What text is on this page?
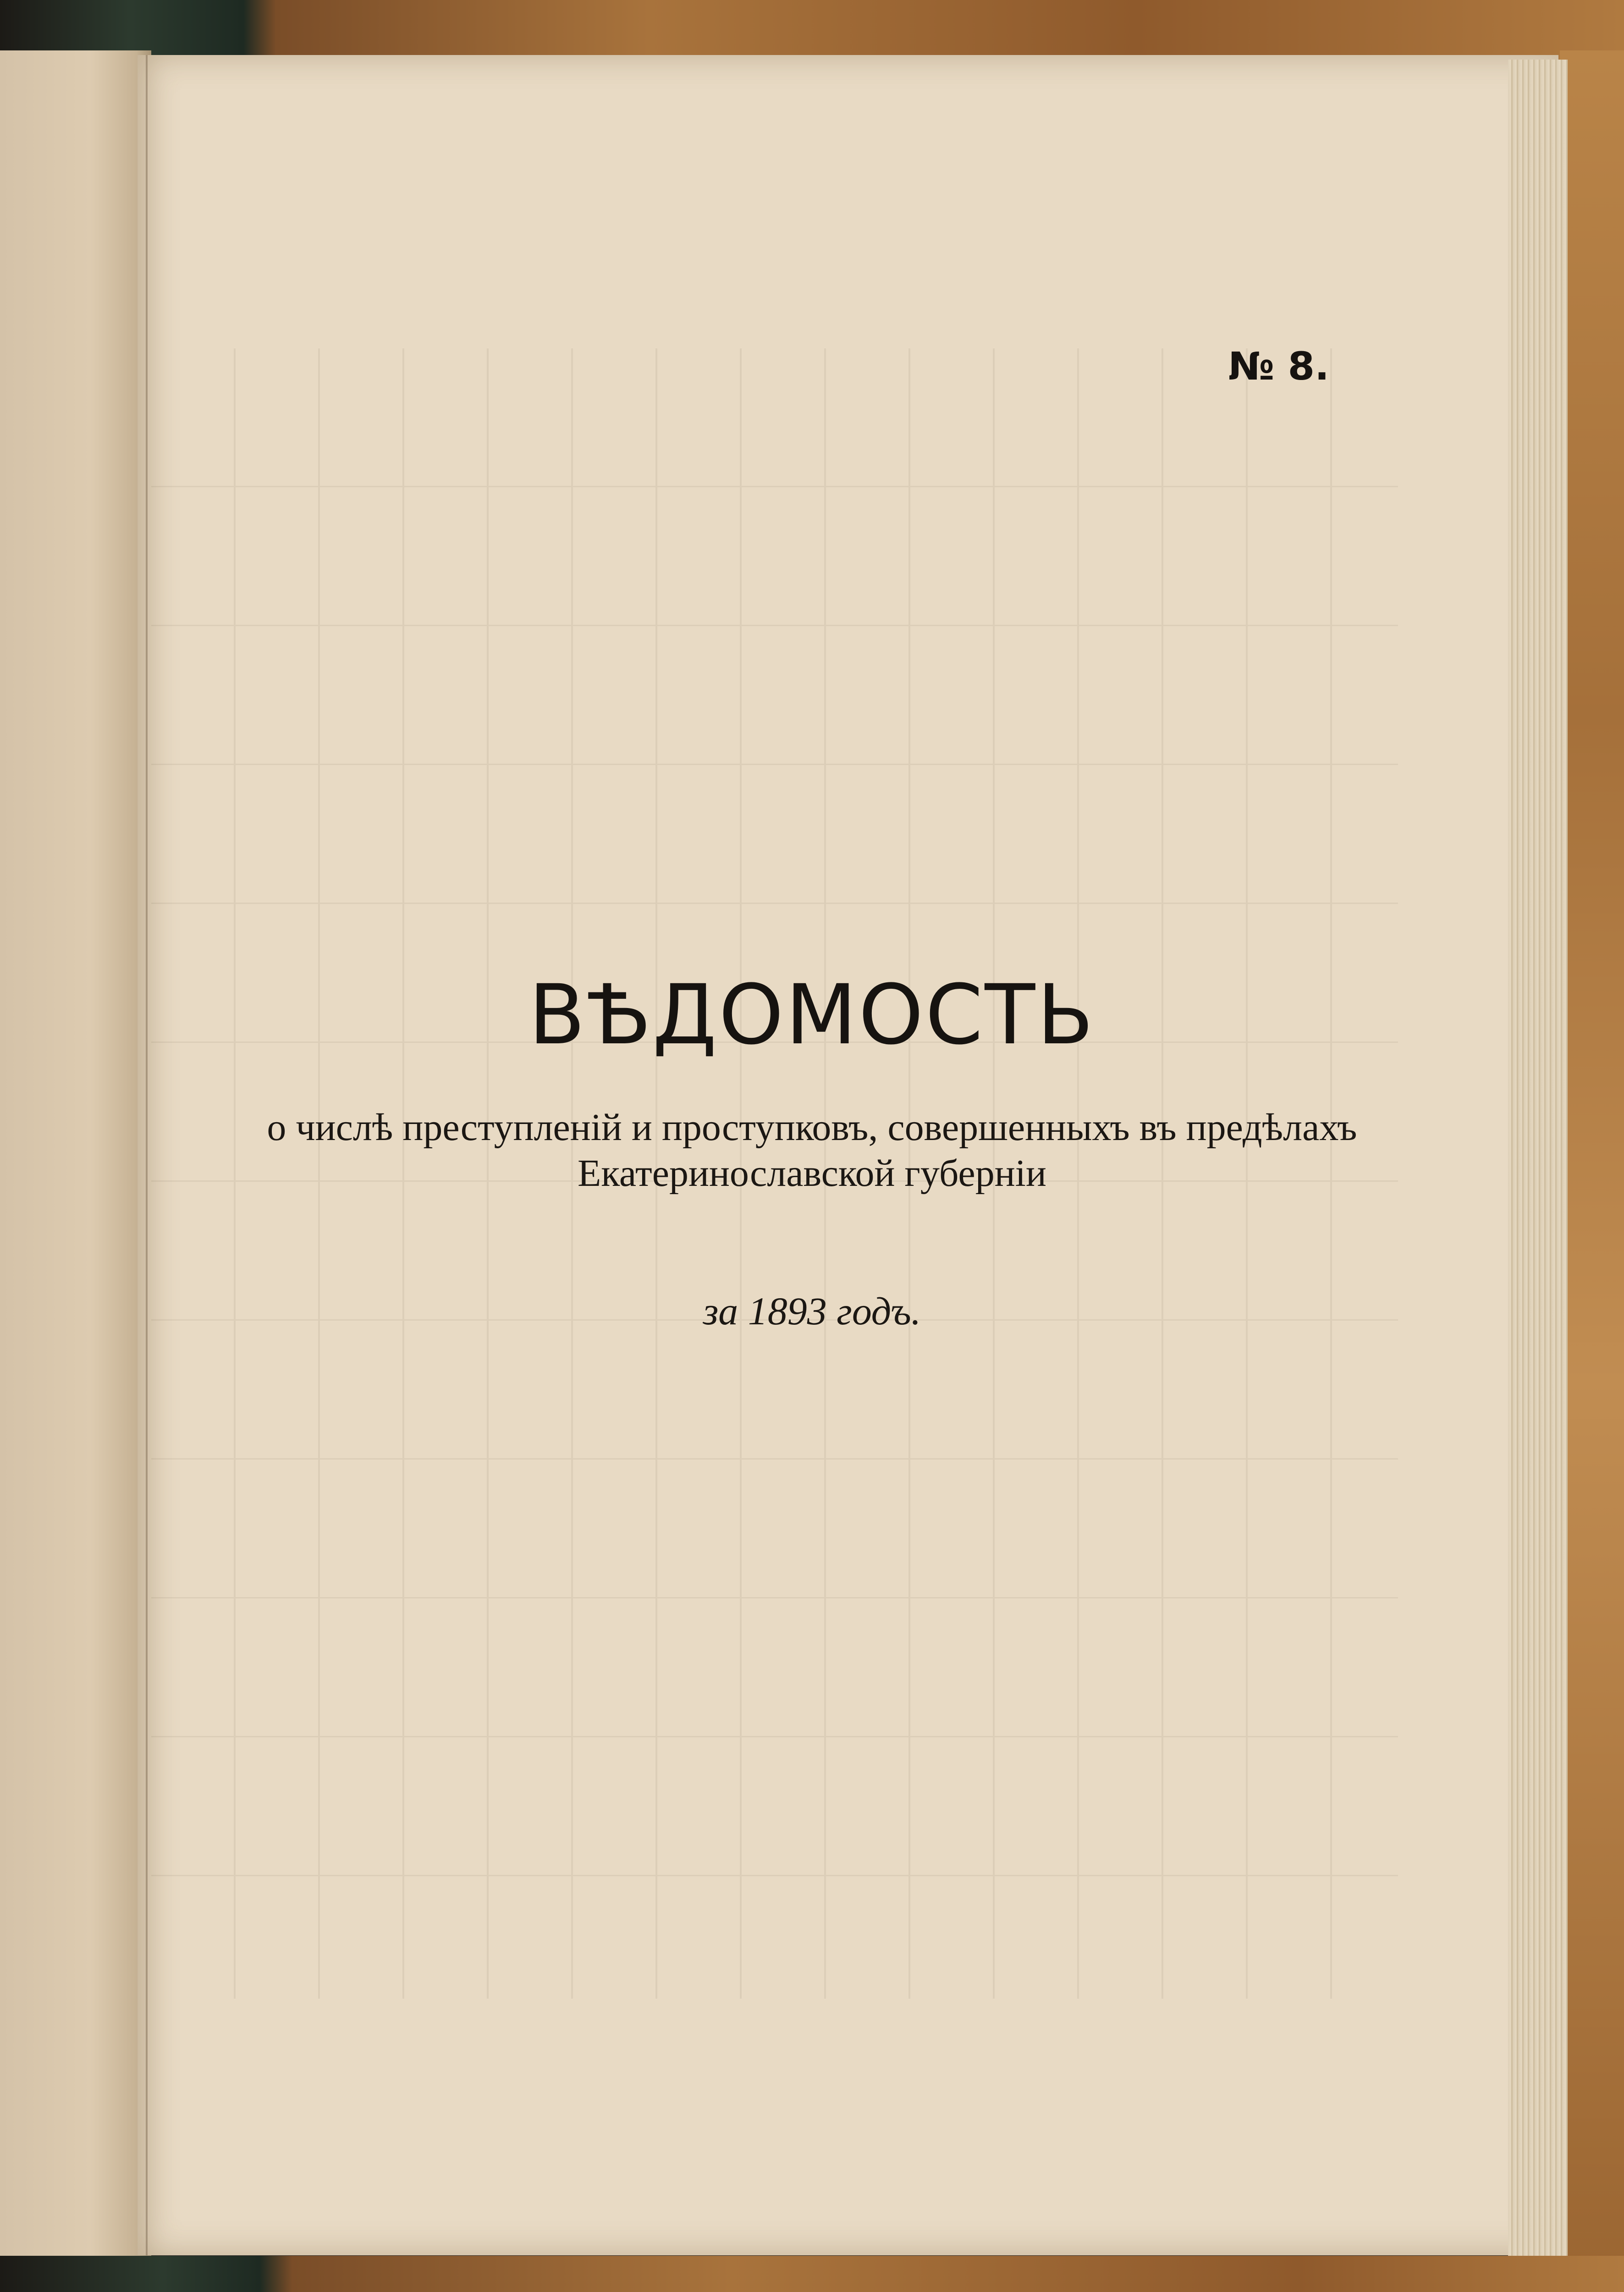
№ 8.
ВѢДОМОСТЬ
о числѣ преступленій и проступковъ, совершенныхъ въ предѣлахъ
Екатеринославской губерніи
за 1893 годъ.
